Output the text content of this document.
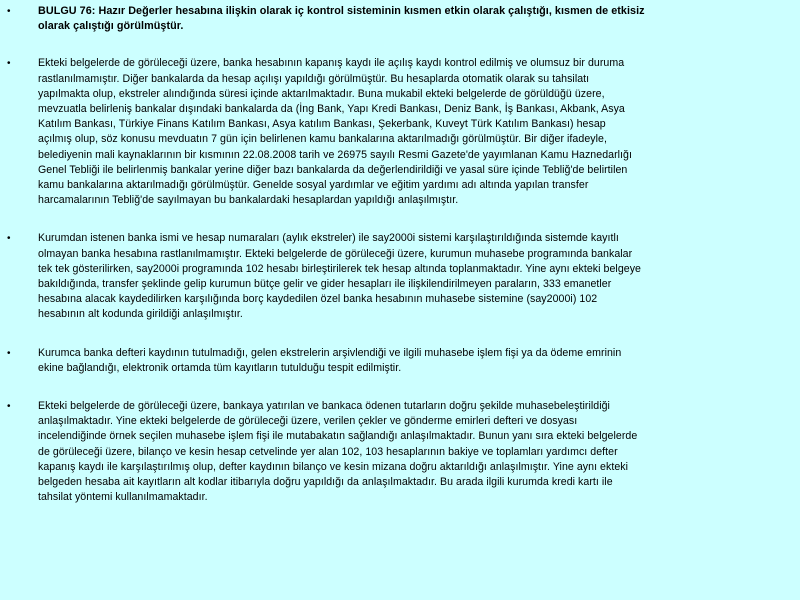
•	BULGU 76: Hazır Değerler hesabına ilişkin olarak iç kontrol sisteminin kısmen etkin olarak çalıştığı, kısmen de etkisiz
olarak çalıştığı görülmüştür.
•	Ekteki belgelerde de görüleceği üzere, banka hesabının kapanış kaydı ile açılış kaydı kontrol edilmiş ve olumsuz bir duruma
rastlanılmamıştır. Diğer bankalarda da hesap açılışı yapıldığı görülmüştür. Bu hesaplarda otomatik olarak su tahsilatı
yapılmakta olup, ekstreler alındığında süresi içinde aktarılmaktadır. Buna mukabil ekteki belgelerde de görüldüğü üzere,
mevzuatla belirleniş bankalar dışındaki bankalarda da (İng Bank, Yapı Kredi Bankası, Deniz Bank, İş Bankası, Akbank, Asya
Katılım Bankası, Türkiye Finans Katılım Bankası, Asya katılım Bankası, Şekerbank, Kuveyt Türk Katılım Bankası) hesap
açılmış olup, söz konusu mevduatın 7 gün için belirlenen kamu bankalarına aktarılmadığı görülmüştür. Bir diğer ifadeyle,
belediyenin mali kaynaklarının bir kısmının 22.08.2008 tarih ve 26975 sayılı Resmi Gazete'de yayımlanan Kamu Haznedarlığı
Genel Tebliği ile belirlenmiş bankalar yerine diğer bazı bankalarda da değerlendirildiği ve yasal süre içinde Tebliğ'de belirtilen
kamu bankalarına aktarılmadığı görülmüştür. Genelde sosyal yardımlar ve eğitim yardımı adı altında yapılan transfer
harcamalarının Tebliğ'de sayılmayan bu bankalardaki hesaplardan yapıldığı anlaşılmıştır.
•	Kurumdan istenen banka ismi ve hesap numaraları (aylık ekstreler) ile say2000i sistemi karşılaştırıldığında sistemde kayıtlı
olmayan banka hesabına rastlanılmamıştır. Ekteki belgelerde de görüleceği üzere, kurumun muhasebe programında bankalar
tek tek gösterilirken, say2000i programında 102 hesabı birleştirilerek tek hesap altında toplanmaktadır. Yine aynı ekteki belgeye
bakıldığında, transfer şeklinde gelip kurumun bütçe gelir ve gider hesapları ile ilişkilendirilmeyen paraların, 333 emanetler
hesabına alacak kaydedilirken karşılığında borç kaydedilen özel banka hesabının muhasebe sistemine (say2000i) 102
hesabının alt kodunda girildiği anlaşılmıştır.
•	Kurumca banka defteri kaydının tutulmadığı, gelen ekstrelerin arşivlendiği ve ilgili muhasebe işlem fişi ya da ödeme emrinin
ekine bağlandığı, elektronik ortamda tüm kayıtların tutulduğu tespit edilmiştir.
•	Ekteki belgelerde de görüleceği üzere, bankaya yatırılan ve bankaca ödenen tutarların doğru şekilde muhasebeleştirildiği
anlaşılmaktadır. Yine ekteki belgelerde de görüleceği üzere, verilen çekler ve gönderme emirleri defteri ve dosyası
incelendiğinde örnek seçilen muhasebe işlem fişi ile mutabakatın sağlandığı anlaşılmaktadır. Bunun yanı sıra ekteki belgelerde
de görüleceği üzere, bilanço ve kesin hesap cetvelinde yer alan 102, 103 hesaplarının bakiye ve toplamları yardımcı defter
kapanış kaydı ile karşılaştırılmış olup, defter kaydının bilanço ve kesin mizana doğru aktarıldığı anlaşılmıştır. Yine aynı ekteki
belgeden hesaba ait kayıtların alt kodlar itibarıyla doğru yapıldığı da anlaşılmaktadır. Bu arada ilgili kurumda kredi kartı ile
tahsilat yöntemi kullanılmamaktadır.
